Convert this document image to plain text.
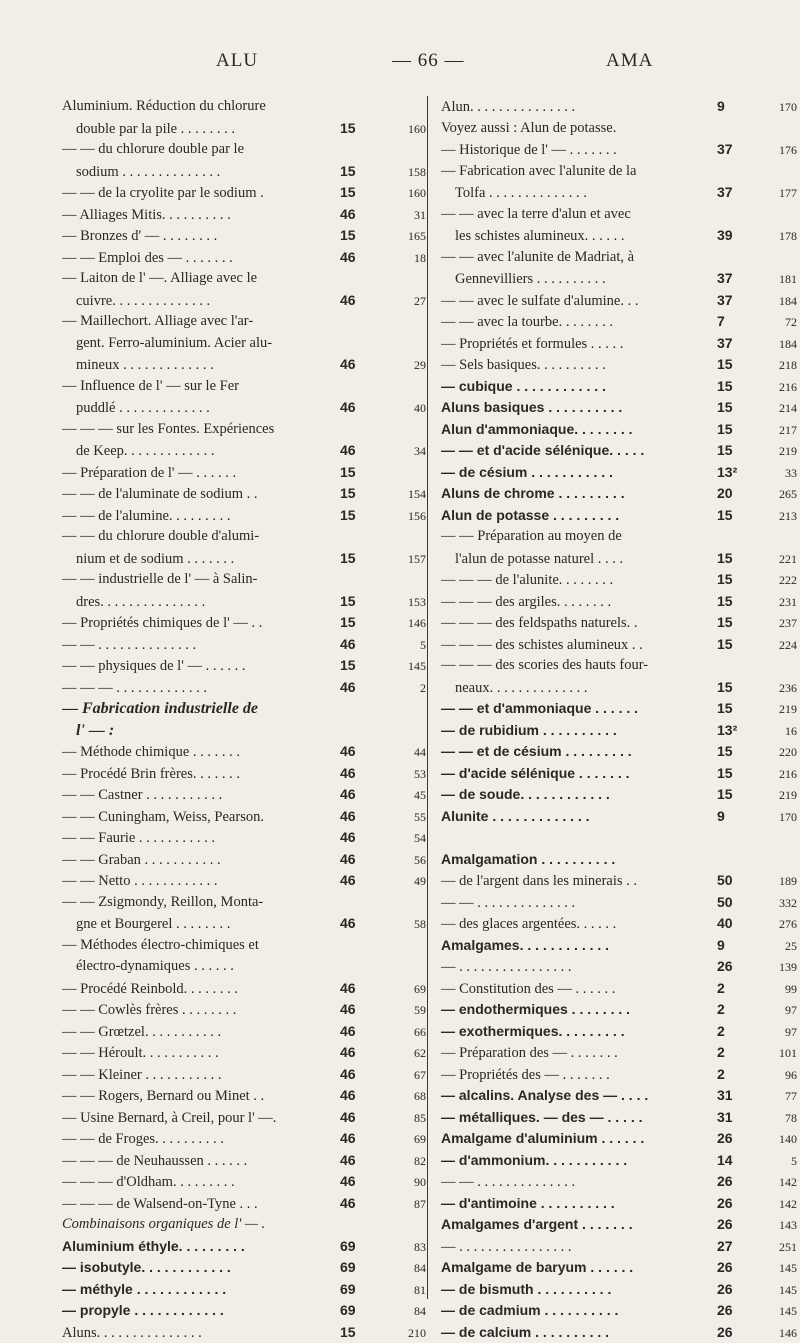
ALU	— 66 —	AMA
Aluminium. Réduction du chlorure
double par la pile . . . . . . . .	15	160
— — du chlorure double par le
sodium . . . . . . . . . . . . . .	15	158
— — de la cryolite par le sodium .	15	160
— Alliages Mitis. . . . . . . . . .	46	31
— Bronzes d' — . . . . . . . .	15	165
— — Emploi des — . . . . . . .	46	18
— Laiton de l' —. Alliage avec le
cuivre. . . . . . . . . . . . . .	46	27
— Maillechort. Alliage avec l'ar-
gent. Ferro-aluminium. Acier alu-
mineux . . . . . . . . . . . . .	46	29
— Influence de l' — sur le Fer
puddlé . . . . . . . . . . . . .	46	40
— — — sur les Fontes. Expériences
de Keep. . . . . . . . . . . . .	46	34
— Préparation de l' — . . . . . .	15
— — de l'aluminate de sodium . .	15	154
— — de l'alumine. . . . . . . . .	15	156
— — du chlorure double d'alumi-
nium et de sodium . . . . . . .	15	157
— — industrielle de l' — à Salin-
dres. . . . . . . . . . . . . . .	15	153
— Propriétés chimiques de l' — . .	15	146
— — . . . . . . . . . . . . . .	46	5
— — physiques de l' — . . . . . .	15	145
— — — . . . . . . . . . . . . .	46	2
— Fabrication industrielle de
l' — :
— Méthode chimique . . . . . . .	46	44
— Procédé Brin frères. . . . . . .	46	53
— — Castner . . . . . . . . . . .	46	45
— — Cuningham, Weiss, Pearson.	46	55
— — Faurie . . . . . . . . . . .	46	54
— — Graban . . . . . . . . . . .	46	56
— — Netto . . . . . . . . . . . .	46	49
— — Zsigmondy, Reillon, Monta-
gne et Bourgerel . . . . . . . .	46	58
— Méthodes électro-chimiques et
électro-dynamiques . . . . . .
— Procédé Reinbold. . . . . . . .	46	69
— — Cowlès frères . . . . . . . .	46	59
— — Grœtzel. . . . . . . . . . .	46	66
— — Héroult. . . . . . . . . . .	46	62
— — Kleiner . . . . . . . . . . .	46	67
— — Rogers, Bernard ou Minet . .	46	68
— Usine Bernard, à Creil, pour l' —.	46	85
— — de Froges. . . . . . . . . .	46	69
— — — de Neuhaussen . . . . . .	46	82
— — — d'Oldham. . . . . . . . .	46	90
— — — de Walsend-on-Tyne . . .	46	87
Combinaisons organiques de l' — .
Aluminium éthyle. . . . . . . . .	69	83
— isobutyle. . . . . . . . . . . .	69	84
— méthyle . . . . . . . . . . . .	69	81
— propyle . . . . . . . . . . . .	69	84
Aluns. . . . . . . . . . . . . . .	15	210
Alun. . . . . . . . . . . . . . .	9	170
Voyez aussi : Alun de potasse.
— Historique de l' — . . . . . . .	37	176
— Fabrication avec l'alunite de la
Tolfa . . . . . . . . . . . . . .	37	177
— — avec la terre d'alun et avec
les schistes alumineux. . . . . .	39	178
— — avec l'alunite de Madriat, à
Gennevilliers . . . . . . . . . .	37	181
— — avec le sulfate d'alumine. . .	37	184
— — avec la tourbe. . . . . . . .	7	72
— Propriétés et formules . . . . .	37	184
— Sels basiques. . . . . . . . . .	15	218
— cubique . . . . . . . . . . . .	15	216
Aluns basiques . . . . . . . . . .	15	214
Alun d'ammoniaque. . . . . . . .	15	217
— — et d'acide sélénique. . . . .	15	219
— de césium . . . . . . . . . . .	13²	33
Aluns de chrome . . . . . . . . .	20	265
Alun de potasse . . . . . . . . .	15	213
— — Préparation au moyen de
l'alun de potasse naturel . . . .	15	221
— — — de l'alunite. . . . . . . .	15	222
— — — des argiles. . . . . . . .	15	231
— — — des feldspaths naturels. .	15	237
— — — des schistes alumineux . .	15	224
— — — des scories des hauts four-
neaux. . . . . . . . . . . . . .	15	236
— — et d'ammoniaque . . . . . .	15	219
— de rubidium . . . . . . . . . .	13²	16
— — et de césium . . . . . . . . .	15	220
— d'acide sélénique . . . . . . .	15	216
— de soude. . . . . . . . . . . .	15	219
Alunite . . . . . . . . . . . . .	9	170
Amalgamation . . . . . . . . . .
— de l'argent dans les minerais . .	50	189
— — . . . . . . . . . . . . . .	50	332
— des glaces argentées. . . . . .	40	276
Amalgames. . . . . . . . . . . .	9	25
— . . . . . . . . . . . . . . . .	26	139
— Constitution des — . . . . . .	2	99
— endothermiques . . . . . . . .	2	97
— exothermiques. . . . . . . . .	2	97
— Préparation des — . . . . . . .	2	101
— Propriétés des — . . . . . . .	2	96
— alcalins. Analyse des — . . . .	31	77
— métalliques. — des — . . . . .	31	78
Amalgame d'aluminium . . . . . .	26	140
— d'ammonium. . . . . . . . . . .	14	5
— — . . . . . . . . . . . . . .	26	142
— d'antimoine . . . . . . . . . .	26	142
Amalgames d'argent . . . . . . .	26	143
— . . . . . . . . . . . . . . . .	27	251
Amalgame de baryum . . . . . .	26	145
— de bismuth . . . . . . . . . .	26	145
— de cadmium . . . . . . . . . .	26	145
— de calcium . . . . . . . . . .	26	146
